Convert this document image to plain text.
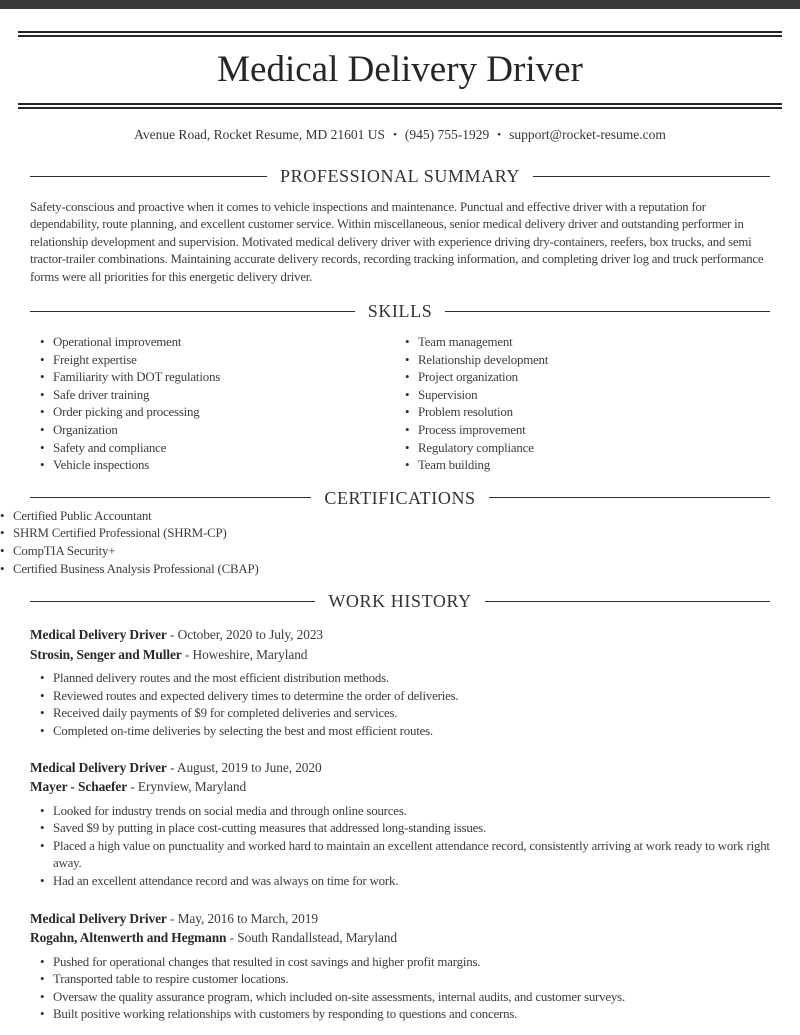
Medical Delivery Driver
Avenue Road, Rocket Resume, MD 21601 US • (945) 755-1929 • support@rocket-resume.com
PROFESSIONAL SUMMARY

Safety-conscious and proactive when it comes to vehicle inspections and maintenance. Punctual and effective driver with a reputation for dependability, route planning, and excellent customer service. Within miscellaneous, senior medical delivery driver and outstanding performer in relationship development and supervision. Motivated medical delivery driver with experience driving dry-containers, reefers, box trucks, and semi tractor-trailer combinations. Maintaining accurate delivery records, recording tracking information, and completing driver log and truck performance forms were all priorities for this energetic delivery driver.

SKILLS
• Operational improvement
• Freight expertise
• Familiarity with DOT regulations
• Safe driver training
• Order picking and processing
• Organization
• Safety and compliance
• Vehicle inspections
• Team management
• Relationship development
• Project organization
• Supervision
• Problem resolution
• Process improvement
• Regulatory compliance
• Team building
CERTIFICATIONS
• Certified Public Accountant
• SHRM Certified Professional (SHRM-CP)
• CompTIA Security+
• Certified Business Analysis Professional (CBAP)
WORK HISTORY

Medical Delivery Driver - October, 2020 to July, 2023

Strosin, Senger and Muller - Howeshire, Maryland

• Planned delivery routes and the most efficient distribution methods.
• Reviewed routes and expected delivery times to determine the order of deliveries.
• Received daily payments of $9 for completed deliveries and services.
• Completed on-time deliveries by selecting the best and most efficient routes.

Medical Delivery Driver - August, 2019 to June, 2020

Mayer - Schaefer - Erynview, Maryland

• Looked for industry trends on social media and through online sources.
• Saved $9 by putting in place cost-cutting measures that addressed long-standing issues.
• Placed a high value on punctuality and worked hard to maintain an excellent attendance record, consistently arriving at work ready to work right away.
• Had an excellent attendance record and was always on time for work.

Medical Delivery Driver - May, 2016 to March, 2019

Rogahn, Altenwerth and Hegmann - South Randallstead, Maryland

• Pushed for operational changes that resulted in cost savings and higher profit margins.
• Transported table to respire customer locations.
• Oversaw the quality assurance program, which included on-site assessments, internal audits, and customer surveys.
• Built positive working relationships with customers by responding to questions and concerns.
